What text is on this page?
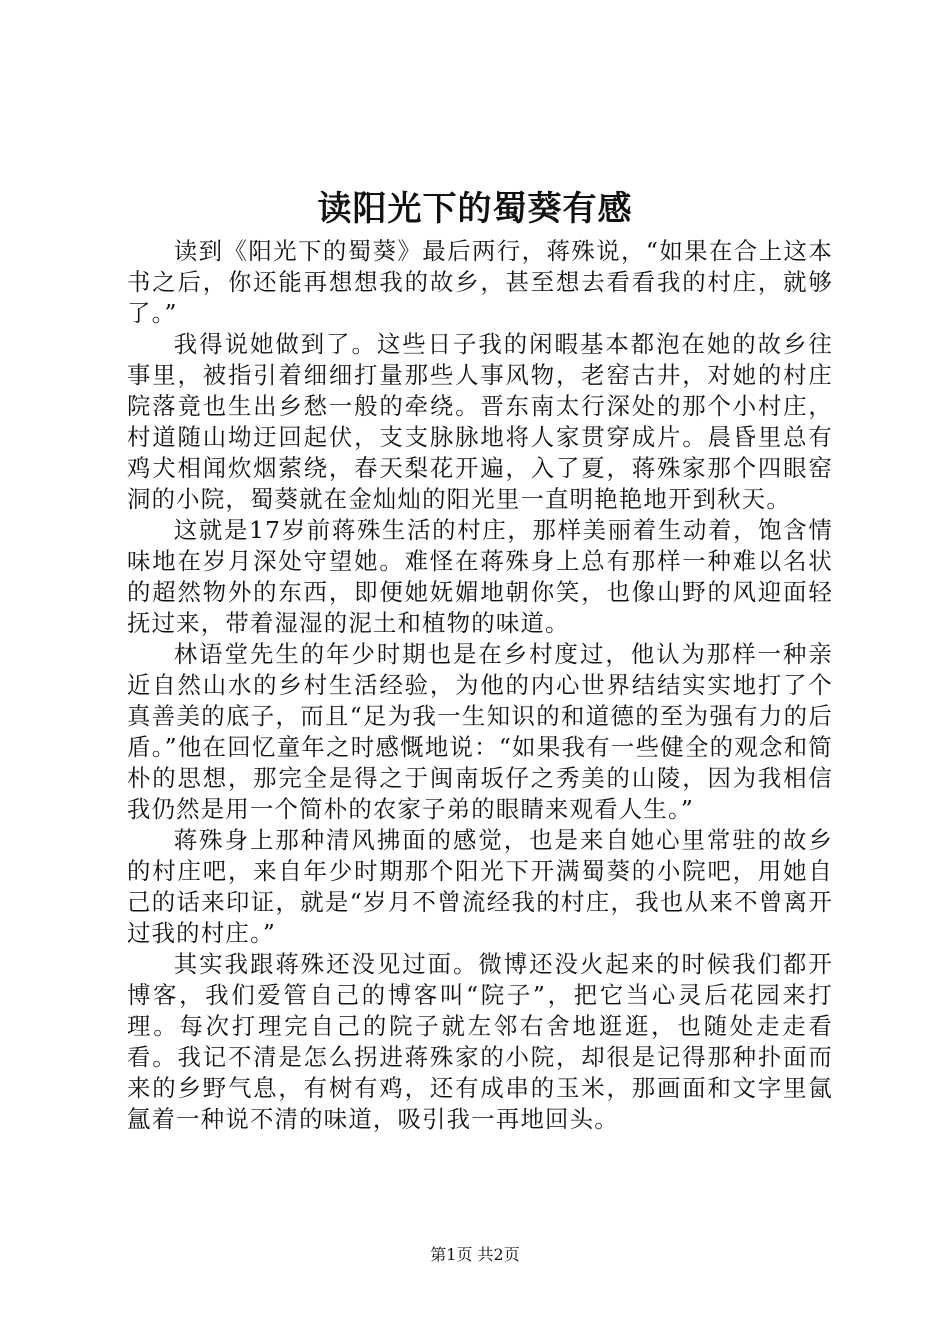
读阳光下的蜀葵有感

读到《阳光下的蜀葵》最后两行，蒋殊说，“如果在合上这本书之后，你还能再想想我的故乡，甚至想去看看我的村庄，就够了。”

我得说她做到了。这些日子我的闲暇基本都泡在她的故乡往事里，被指引着细细打量那些人事风物，老窑古井，对她的村庄院落竟也生出乡愁一般的牵绕。晋东南太行深处的那个小村庄，村道随山坳迂回起伏，支支脉脉地将人家贯穿成片。晨昏里总有鸡犬相闻炊烟萦绕，春天梨花开遍，入了夏，蒋殊家那个四眼窑洞的小院，蜀葵就在金灿灿的阳光里一直明艳艳地开到秋天。

这就是17岁前蒋殊生活的村庄，那样美丽着生动着，饱含情味地在岁月深处守望她。难怪在蒋殊身上总有那样一种难以名状的超然物外的东西，即便她妩媚地朝你笑，也像山野的风迎面轻抚过来，带着湿湿的泥土和植物的味道。

林语堂先生的年少时期也是在乡村度过，他认为那样一种亲近自然山水的乡村生活经验，为他的内心世界结结实实地打了个真善美的底子，而且“足为我一生知识的和道德的至为强有力的后盾。”他在回忆童年之时感慨地说：“如果我有一些健全的观念和简朴的思想，那完全是得之于闽南坂仔之秀美的山陵，因为我相信我仍然是用一个简朴的农家子弟的眼睛来观看人生。”

蒋殊身上那种清风拂面的感觉，也是来自她心里常驻的故乡的村庄吧，来自年少时期那个阳光下开满蜀葵的小院吧，用她自己的话来印证，就是“岁月不曾流经我的村庄，我也从来不曾离开过我的村庄。”

其实我跟蒋殊还没见过面。微博还没火起来的时候我们都开博客，我们爱管自己的博客叫“院子”，把它当心灵后花园来打理。每次打理完自己的院子就左邻右舍地逛逛，也随处走走看看。我记不清是怎么拐进蒋殊家的小院，却很是记得那种扑面而来的乡野气息，有树有鸡，还有成串的玉米，那画面和文字里氤氲着一种说不清的味道，吸引我一再地回头。

第1页 共2页
